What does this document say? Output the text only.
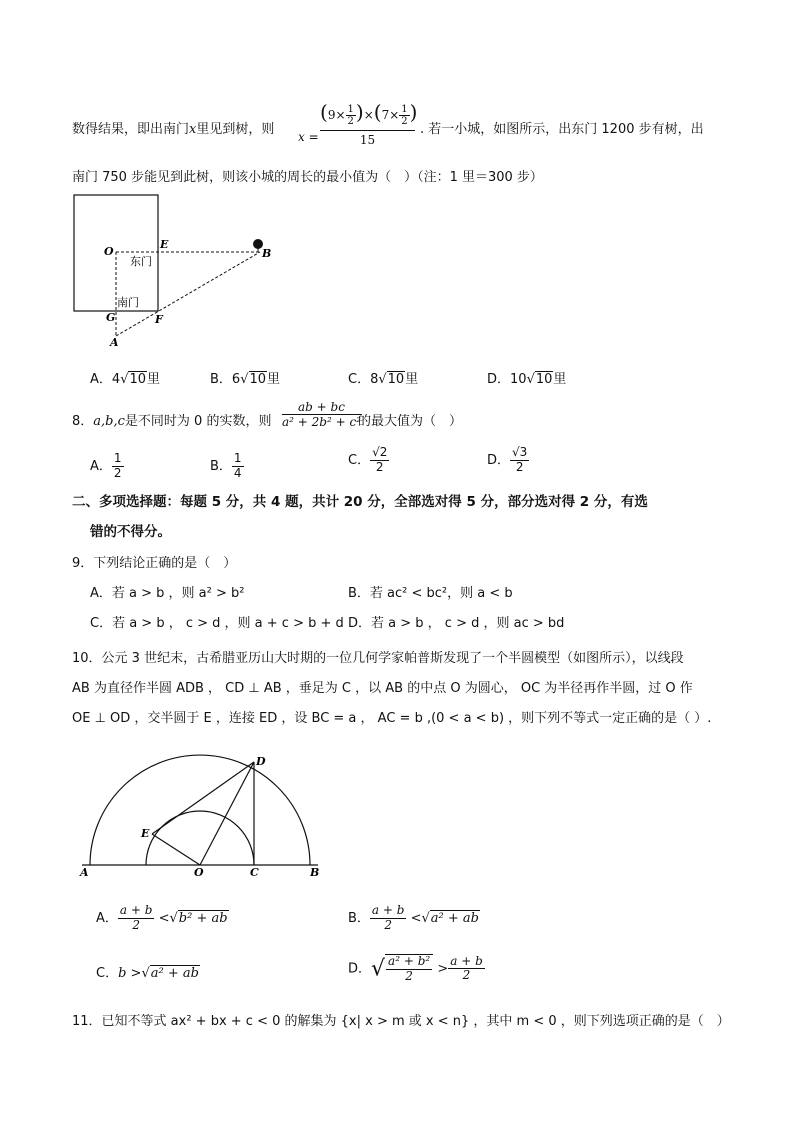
数得结果，即出南门x里见到树，则 $x = \frac{(9\times \frac{1}{2} )\times(7\times \frac{1}{2} )}{15}$ . 若一小城，如图所示，出东门 1200 步有树，出
南门 750 步能见到此树，则该小城的周长的最小值为（　）（注：1 里＝300 步）
O
E
B
G	F
A
东门
南门
A．4√10里	B．6√10里	C．8√10里	D．10√10里
8．a,b,c是不同时为 0 的实数，则 $\frac{ab + bc}{\text{a² + 2b² + c²}}$
的最大值为（　）
A． $\frac{1}{2}$	B． $\frac{1}{4}$	C． $\frac{√2}{2}$	D． $\frac{√3}{2}$
二、多项选择题：每题 5 分，共 4 题，共计 20 分，全部选对得 5 分，部分选对得 2 分，有选
错的不得分。
9．下列结论正确的是（　）
A．若 a > b ，则 a² > b²	B．若 ac² < bc²，则 a < b
C．若 a > b ， c > d ，则 a + c > b + d D．若 a > b ， c > d ，则 ac > bd
10．公元 3 世纪末，古希腊亚历山大时期的一位几何学家帕普斯发现了一个半圆模型（如图所示），以线段
AB 为直径作半圆 ADB ， CD ⊥ AB ，垂足为 C ，以 AB 的中点 O 为圆心， OC 为半径再作半圆，过 O 作
OE ⊥ OD ，交半圆于 E ，连接 ED ，设 BC = a ， AC = b ,(0 < a < b) ，则下列不等式一定正确的是（ ）.
A	O	C	B
D
E
A． $\frac{a + b}{2} <√b^2$ + ab	B． $\frac{a + b}{2} <√a^2$ + ab
C．b >√a² + ab	D．√ $\frac{\text{a² + b²}}{2} > \frac{a + b}{2}$
11．已知不等式 ax² + bx + c < 0 的解集为 {x| x > m 或 x < n} ，其中 m < 0 ，则下列选项正确的是（　）
